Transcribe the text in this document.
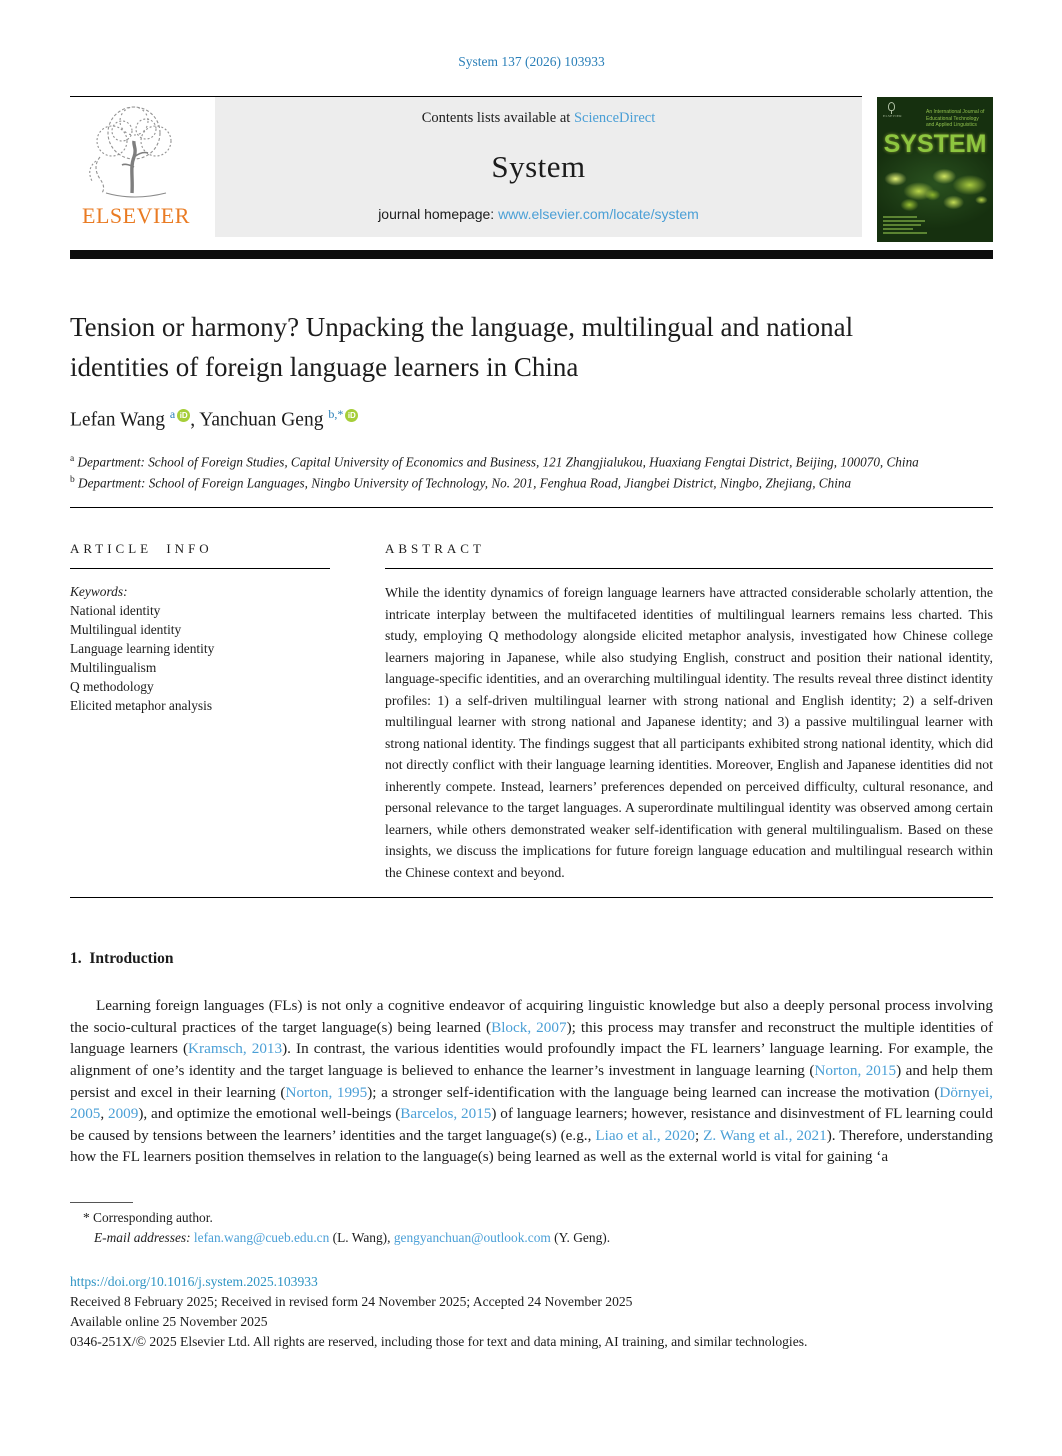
System 137 (2026) 103933
ELSEVIER
Contents lists available at ScienceDirect
System
journal homepage: www.elsevier.com/locate/system
ELSEVIER
An International Journal of Educational Technology and Applied Linguistics
SYSTEM
Tension or harmony? Unpacking the language, multilingual and national identities of foreign language learners in China
Lefan Wang $^a$ iD , Yanchuan Geng $^{b,*}$ iD
$^a$ Department: School of Foreign Studies, Capital University of Economics and Business, 121 Zhangjialukou, Huaxiang Fengtai District, Beijing, 100070, China
$^b$ Department: School of Foreign Languages, Ningbo University of Technology, No. 201, Fenghua Road, Jiangbei District, Ningbo, Zhejiang, China
ARTICLE INFO
Keywords:
National identity
Multilingual identity
Language learning identity
Multilingualism
Q methodology
Elicited metaphor analysis
ABSTRACT
While the identity dynamics of foreign language learners have attracted considerable scholarly attention, the intricate interplay between the multifaceted identities of multilingual learners remains less charted. This study, employing Q methodology alongside elicited metaphor analysis, investigated how Chinese college learners majoring in Japanese, while also studying English, construct and position their national identity, language-specific identities, and an overarching multilingual identity. The results reveal three distinct identity profiles: 1) a self-driven multilingual learner with strong national and English identity; 2) a self-driven multilingual learner with strong national and Japanese identity; and 3) a passive multilingual learner with strong national identity. The findings suggest that all participants exhibited strong national identity, which did not directly conflict with their language learning identities. Moreover, English and Japanese identities did not inherently compete. Instead, learners’ preferences depended on perceived difficulty, cultural resonance, and personal relevance to the target languages. A superordinate multilingual identity was observed among certain learners, while others demonstrated weaker self-identification with general multilingualism. Based on these insights, we discuss the implications for future foreign language education and multilingual research within the Chinese context and beyond.
1.  Introduction

Learning foreign languages (FLs) is not only a cognitive endeavor of acquiring linguistic knowledge but also a deeply personal process involving the socio-cultural practices of the target language(s) being learned (Block, 2007); this process may transfer and reconstruct the multiple identities of language learners (Kramsch, 2013). In contrast, the various identities would profoundly impact the FL learners’ language learning. For example, the alignment of one’s identity and the target language is believed to enhance the learner’s investment in language learning (Norton, 2015) and help them persist and excel in their learning (Norton, 1995); a stronger self-identification with the language being learned can increase the motivation (Dörnyei, 2005, 2009), and optimize the emotional well-beings (Barcelos, 2015) of language learners; however, resistance and disinvestment of FL learning could be caused by tensions between the learners’ identities and the target language(s) (e.g., Liao et al., 2020; Z. Wang et al., 2021). Therefore, understanding how the FL learners position themselves in relation to the language(s) being learned as well as the external world is vital for gaining ‘a

* Corresponding author.
E-mail addresses: lefan.wang@cueb.edu.cn (L. Wang), gengyanchuan@outlook.com (Y. Geng).
https://doi.org/10.1016/j.system.2025.103933
Received 8 February 2025; Received in revised form 24 November 2025; Accepted 24 November 2025
Available online 25 November 2025
0346-251X/© 2025 Elsevier Ltd. All rights are reserved, including those for text and data mining, AI training, and similar technologies.
